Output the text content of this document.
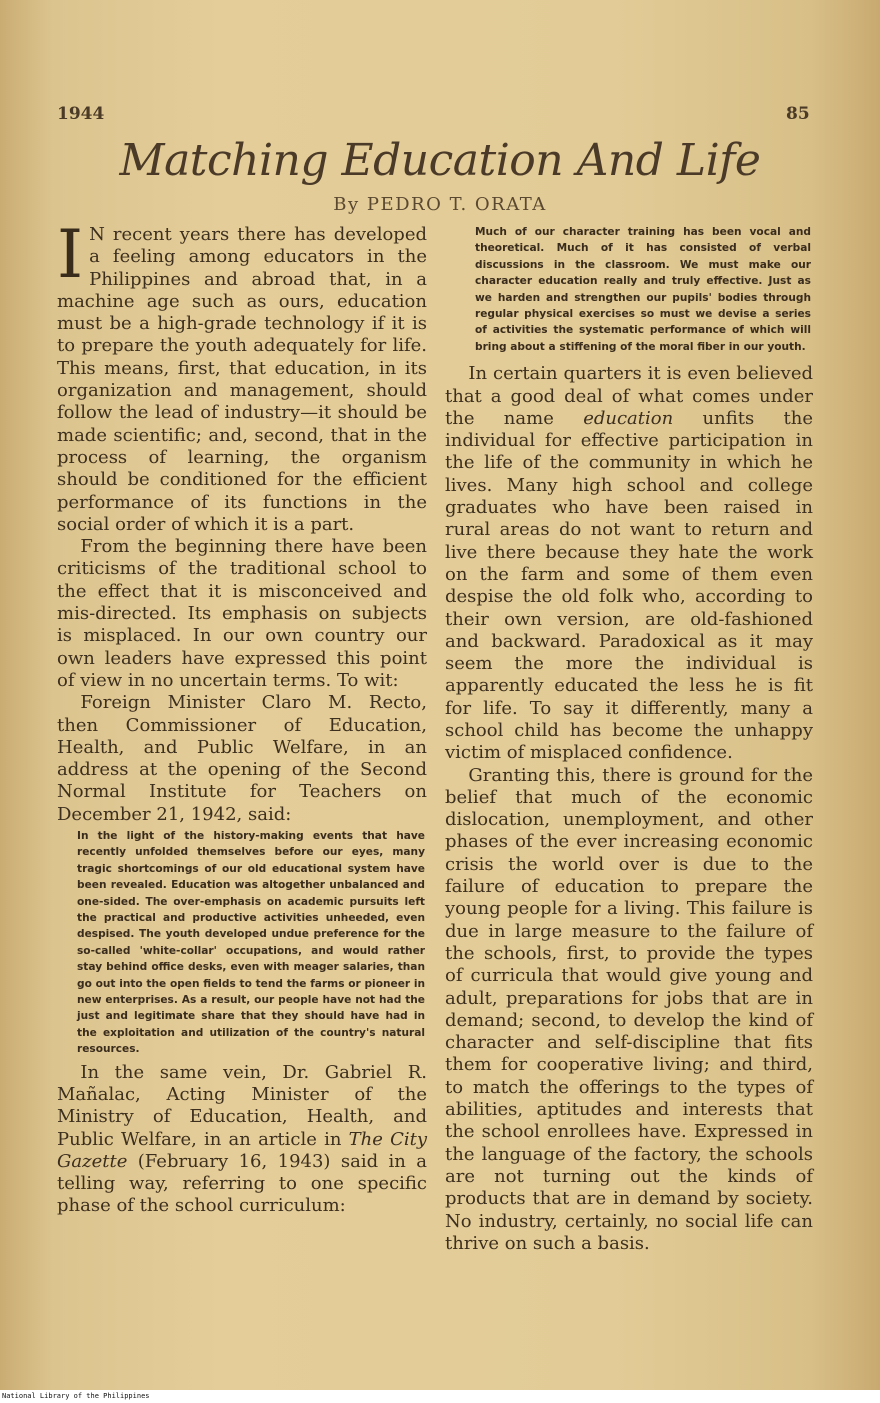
1944	85
Matching Education And Life
By PEDRO T. ORATA

I N recent years there has developed a feeling among educators in the Philippines and abroad that, in a machine age such as ours, education must be a high-grade technology if it is to prepare the youth adequately for life. This means, first, that education, in its organization and management, should follow the lead of industry—it should be made scientific; and, second, that in the process of learning, the organism should be conditioned for the efficient performance of its functions in the social order of which it is a part.

From the beginning there have been criticisms of the traditional school to the effect that it is misconceived and mis-directed. Its emphasis on subjects is misplaced. In our own country our own leaders have expressed this point of view in no uncertain terms. To wit:

Foreign Minister Claro M. Recto, then Commissioner of Education, Health, and Public Welfare, in an address at the opening of the Second Normal Institute for Teachers on December 21, 1942, said:

In the light of the history-making events that have recently unfolded themselves before our eyes, many tragic shortcomings of our old educational system have been revealed. Education was altogether unbalanced and one-sided. The over-emphasis on academic pursuits left the practical and productive activities unheeded, even despised. The youth developed undue preference for the so-called 'white-collar' occupations, and would rather stay behind office desks, even with meager salaries, than go out into the open fields to tend the farms or pioneer in new enterprises. As a result, our people have not had the just and legitimate share that they should have had in the exploitation and utilization of the country's natural resources.

In the same vein, Dr. Gabriel R. Mañalac, Acting Minister of the Ministry of Education, Health, and Public Welfare, in an article in The City Gazette (February 16, 1943) said in a telling way, referring to one specific phase of the school curriculum:

Much of our character training has been vocal and theoretical. Much of it has consisted of verbal discussions in the classroom. We must make our character education really and truly effective. Just as we harden and strengthen our pupils' bodies through regular physical exercises so must we devise a series of activities the systematic performance of which will bring about a stiffening of the moral fiber in our youth.

In certain quarters it is even believed that a good deal of what comes under the name education unfits the individual for effective participation in the life of the community in which he lives. Many high school and college graduates who have been raised in rural areas do not want to return and live there because they hate the work on the farm and some of them even despise the old folk who, according to their own version, are old-fashioned and backward. Paradoxical as it may seem the more the individual is apparently educated the less he is fit for life. To say it differently, many a school child has become the unhappy victim of misplaced confidence.

Granting this, there is ground for the belief that much of the economic dislocation, unemployment, and other phases of the ever increasing economic crisis the world over is due to the failure of education to prepare the young people for a living. This failure is due in large measure to the failure of the schools, first, to provide the types of curricula that would give young and adult, preparations for jobs that are in demand; second, to develop the kind of character and self-discipline that fits them for cooperative living; and third, to match the offerings to the types of abilities, aptitudes and interests that the school enrollees have. Expressed in the language of the factory, the schools are not turning out the kinds of products that are in demand by society. No industry, certainly, no social life can thrive on such a basis.

National Library of the Philippines
